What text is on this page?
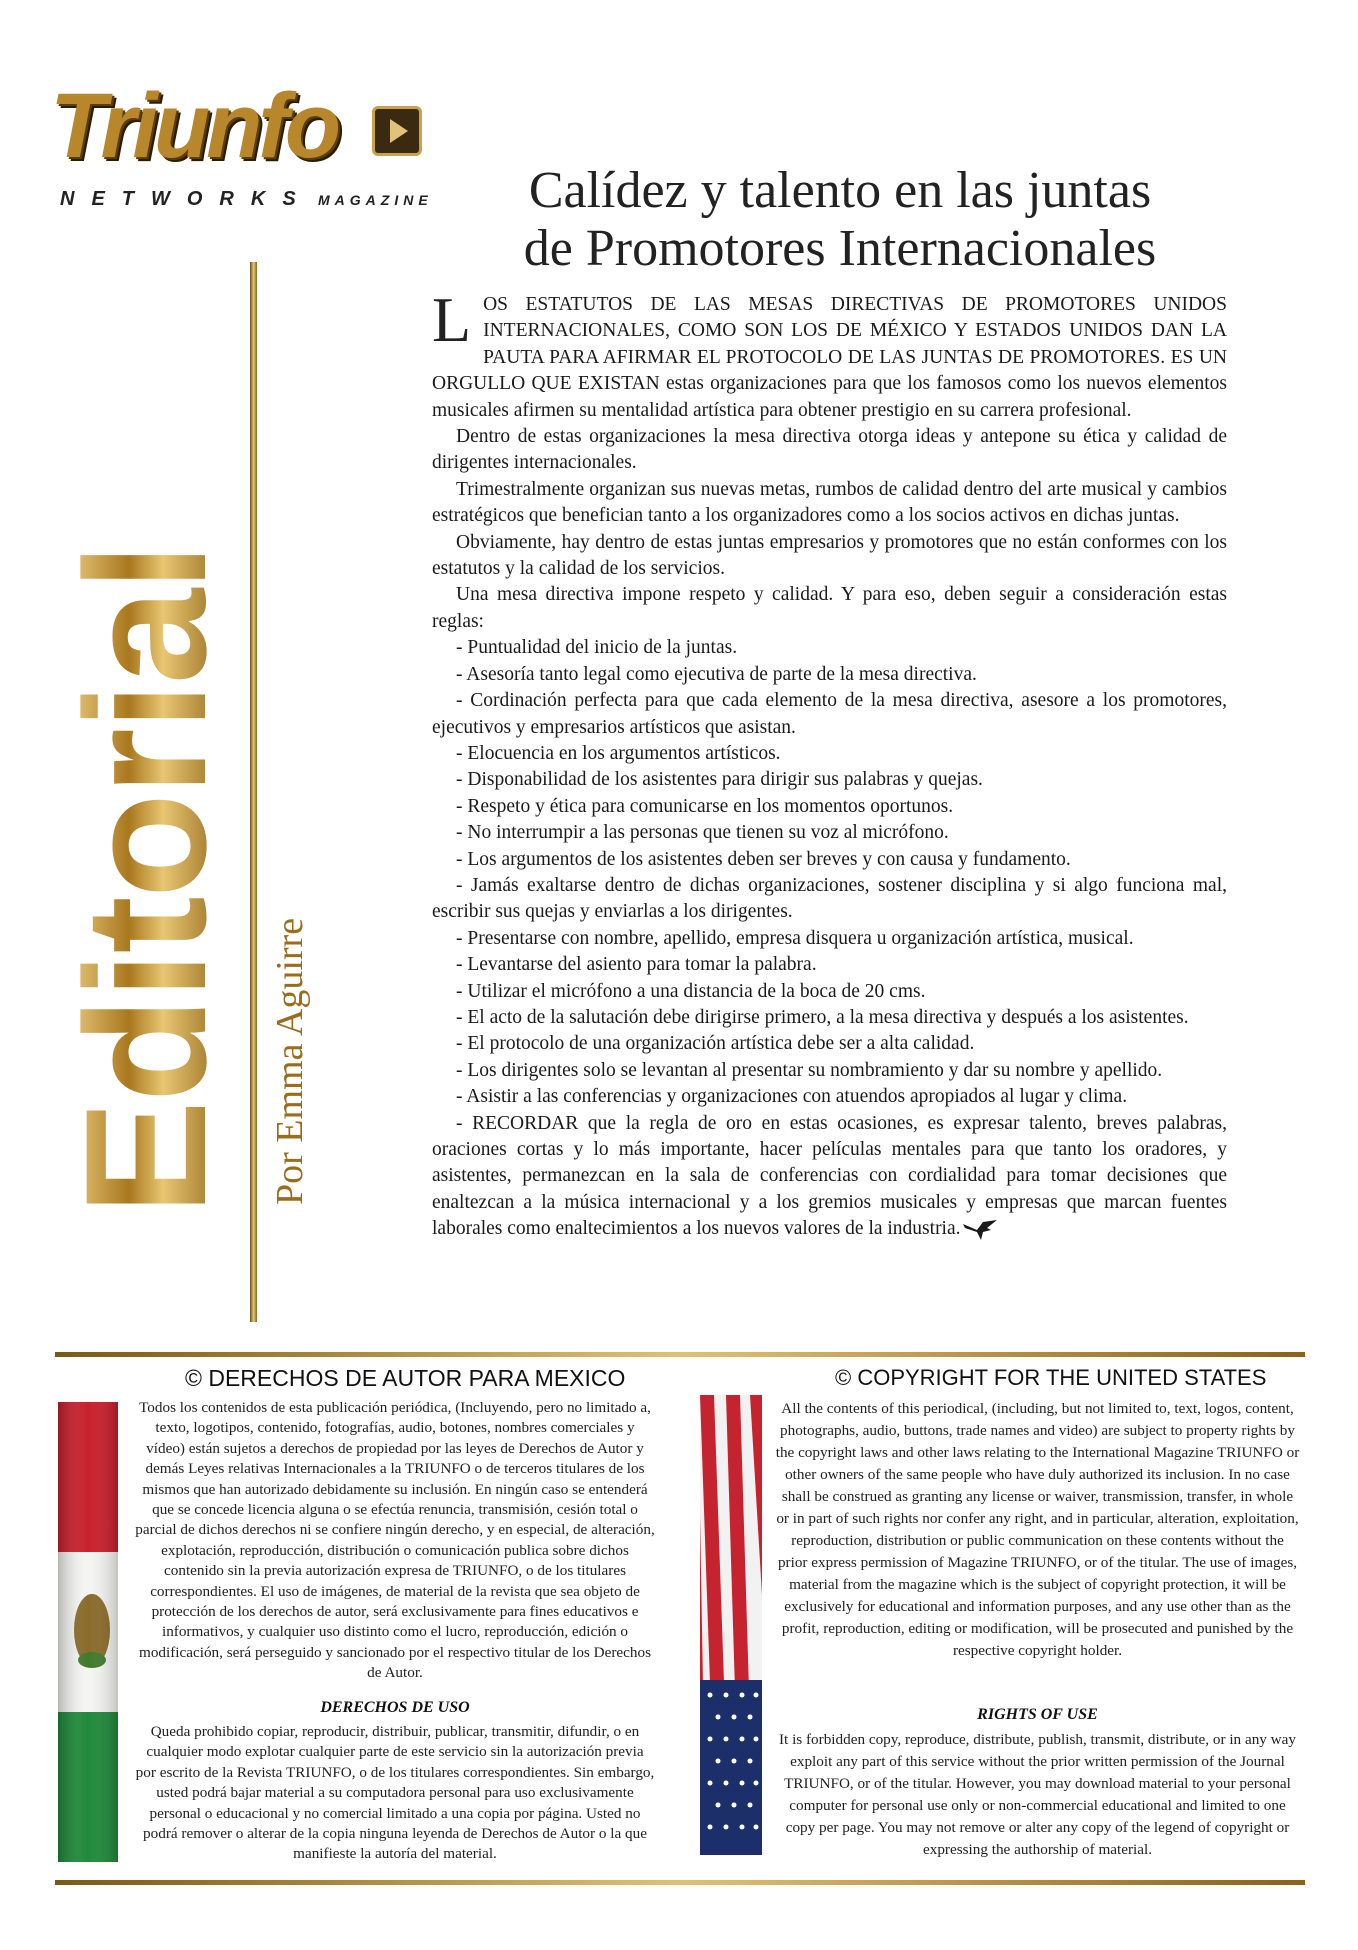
Triunfo
NETWORKS MAGAZINE
Editorial Por Emma Aguirre
Calídez y talento en las juntas
de Promotores Internacionales

LOS ESTATUTOS DE LAS MESAS DIRECTIVAS DE PROMOTORES UNIDOS INTERNACIONALES, COMO SON LOS DE MÉXICO Y ESTADOS UNIDOS DAN LA PAUTA PARA AFIRMAR EL PROTOCOLO DE LAS JUNTAS DE PROMOTORES. ES UN ORGULLO QUE EXISTAN estas organizaciones para que los famosos como los nuevos elementos musicales afirmen su mentalidad artística para obtener prestigio en su carrera profesional.

Dentro de estas organizaciones la mesa directiva otorga ideas y antepone su ética y calidad de dirigentes internacionales.

Trimestralmente organizan sus nuevas metas, rumbos de calidad dentro del arte musical y cambios estratégicos que benefician tanto a los organizadores como a los socios activos en dichas juntas.

Obviamente, hay dentro de estas juntas empresarios y promotores que no están conformes con los estatutos y la calidad de los servicios.

Una mesa directiva impone respeto y calidad. Y para eso, deben seguir a consideración estas reglas:

- Puntualidad del inicio de la juntas.

- Asesoría tanto legal como ejecutiva de parte de la mesa directiva.

- Cordinación perfecta para que cada elemento de la mesa directiva, asesore a los promotores, ejecutivos y empresarios artísticos que asistan.

- Elocuencia en los argumentos artísticos.

- Disponabilidad de los asistentes para dirigir sus palabras y quejas.

- Respeto y ética para comunicarse en los momentos oportunos.

- No interrumpir a las personas que tienen su voz al micrófono.

- Los argumentos de los asistentes deben ser breves y con causa y fundamento.

- Jamás exaltarse dentro de dichas organizaciones, sostener disciplina y si algo funciona mal, escribir sus quejas y enviarlas a los dirigentes.

- Presentarse con nombre, apellido, empresa disquera u organización artística, musical.

- Levantarse del asiento para tomar la palabra.

- Utilizar el micrófono a una distancia de la boca de 20 cms.

- El acto de la salutación debe dirigirse primero, a la mesa directiva y después a los asistentes.

- El protocolo de una organización artística debe ser a alta calidad.

- Los dirigentes solo se levantan al presentar su nombramiento y dar su nombre y apellido.

- Asistir a las conferencias y organizaciones con atuendos apropiados al lugar y clima.

- RECORDAR que la regla de oro en estas ocasiones, es expresar talento, breves palabras, oraciones cortas y lo más importante, hacer películas mentales para que tanto los oradores, y asistentes, permanezcan en la sala de conferencias con cordialidad para tomar decisiones que enaltezcan a la música internacional y a los gremios musicales y empresas que marcan fuentes laborales como enaltecimientos a los nuevos valores de la industria.

© DERECHOS DE AUTOR PARA MEXICO
Todos los contenidos de esta publicación periódica, (Incluyendo, pero no limitado a, texto, logotipos, contenido, fotografías, audio, botones, nombres comerciales y vídeo) están sujetos a derechos de propiedad por las leyes de Derechos de Autor y demás Leyes relativas Internacionales a la TRIUNFO o de terceros titulares de los mismos que han autorizado debidamente su inclusión. En ningún caso se entenderá que se concede licencia alguna o se efectúa renuncia, transmisión, cesión total o parcial de dichos derechos ni se confiere ningún derecho, y en especial, de alteración, explotación, reproducción, distribución o comunicación publica sobre dichos contenido sin la previa autorización expresa de TRIUNFO, o de los titulares correspondientes. El uso de imágenes, de material de la revista que sea objeto de protección de los derechos de autor, será exclusivamente para fines educativos e informativos, y cualquier uso distinto como el lucro, reproducción, edición o modificación, será perseguido y sancionado por el respectivo titular de los Derechos de Autor.
DERECHOS DE USO
Queda prohibido copiar, reproducir, distribuir, publicar, transmitir, difundir, o en cualquier modo explotar cualquier parte de este servicio sin la autorización previa por escrito de la Revista TRIUNFO, o de los titulares correspondientes. Sin embargo, usted podrá bajar material a su computadora personal para uso exclusivamente personal o educacional y no comercial limitado a una copia por página. Usted no podrá remover o alterar de la copia ninguna leyenda de Derechos de Autor o la que manifieste la autoría del material.
© COPYRIGHT FOR THE UNITED STATES
All the contents of this periodical, (including, but not limited to, text, logos, content, photographs, audio, buttons, trade names and video) are subject to property rights by the copyright laws and other laws relating to the International Magazine TRIUNFO or other owners of the same people who have duly authorized its inclusion. In no case shall be construed as granting any license or waiver, transmission, transfer, in whole or in part of such rights nor confer any right, and in particular, alteration, exploitation, reproduction, distribution or public communication on these contents without the prior express permission of Magazine TRIUNFO, or of the titular. The use of images, material from the magazine which is the subject of copyright protection, it will be exclusively for educational and information purposes, and any use other than as the profit, reproduction, editing or modification, will be prosecuted and punished by the respective copyright holder.
RIGHTS OF USE
It is forbidden copy, reproduce, distribute, publish, transmit, distribute, or in any way exploit any part of this service without the prior written permission of the Journal TRIUNFO, or of the titular. However, you may download material to your personal computer for personal use only or non-commercial educational and limited to one copy per page. You may not remove or alter any copy of the legend of copyright or expressing the authorship of material.
